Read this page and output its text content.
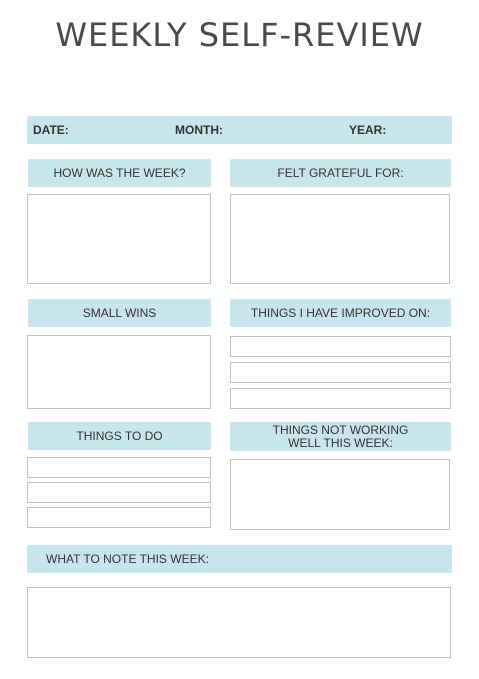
WEEKLY SELF-REVIEW
DATE:	MONTH:	YEAR:
HOW WAS THE WEEK?	FELT GRATEFUL FOR:
SMALL WINS	THINGS I HAVE IMPROVED ON:
THINGS TO DO	THINGS NOT WORKING
WELL THIS WEEK:
WHAT TO NOTE THIS WEEK:
